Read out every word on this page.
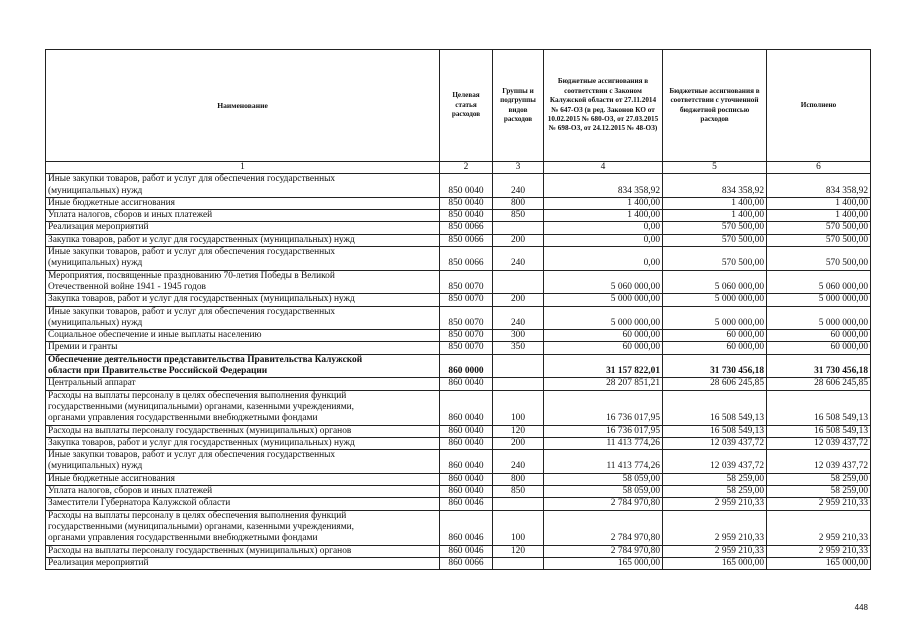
Наименование	Целевая статья расходов	Группы и подгруппы видов расходов	Бюджетные ассигнования в соответствии с Законом Калужской области от 27.11.2014 № 647-ОЗ (в ред. Законов КО от 10.02.2015 № 680-ОЗ, от 27.03.2015 № 698-ОЗ, от 24.12.2015 № 48-ОЗ)	Бюджетные ассигнования в соответствии с уточненной бюджетной росписью расходов	Исполнено
1	2	3	4	5	6

Иные закупки товаров, работ и услуг для обеспечения государственных
(муниципальных) нужд	850 0040	240	834 358,92	834 358,92	834 358,92

Иные бюджетные ассигнования	850 0040	800	1 400,00	1 400,00	1 400,00

Уплата налогов, сборов и иных платежей	850 0040	850	1 400,00	1 400,00	1 400,00

Реализация мероприятий	850 0066		0,00	570 500,00	570 500,00

Закупка товаров, работ и услуг для государственных (муниципальных) нужд	850 0066	200	0,00	570 500,00	570 500,00

Иные закупки товаров, работ и услуг для обеспечения государственных
(муниципальных) нужд	850 0066	240	0,00	570 500,00	570 500,00

Мероприятия, посвященные празднованию 70-летия Победы в Великой
Отечественной войне 1941 - 1945 годов	850 0070		5 060 000,00	5 060 000,00	5 060 000,00

Закупка товаров, работ и услуг для государственных (муниципальных) нужд	850 0070	200	5 000 000,00	5 000 000,00	5 000 000,00

Иные закупки товаров, работ и услуг для обеспечения государственных
(муниципальных) нужд	850 0070	240	5 000 000,00	5 000 000,00	5 000 000,00

Социальное обеспечение и иные выплаты населению	850 0070	300	60 000,00	60 000,00	60 000,00

Премии и гранты	850 0070	350	60 000,00	60 000,00	60 000,00

Обеспечение деятельности представительства Правительства Калужской
области при Правительстве Российской Федерации	860 0000		31 157 822,01	31 730 456,18	31 730 456,18

Центральный аппарат	860 0040		28 207 851,21	28 606 245,85	28 606 245,85

Расходы на выплаты персоналу в целях обеспечения выполнения функций
государственными (муниципальными) органами, казенными учреждениями,
органами управления государственными внебюджетными фондами	860 0040	100	16 736 017,95	16 508 549,13	16 508 549,13

Расходы на выплаты персоналу государственных (муниципальных) органов	860 0040	120	16 736 017,95	16 508 549,13	16 508 549,13

Закупка товаров, работ и услуг для государственных (муниципальных) нужд	860 0040	200	11 413 774,26	12 039 437,72	12 039 437,72

Иные закупки товаров, работ и услуг для обеспечения государственных
(муниципальных) нужд	860 0040	240	11 413 774,26	12 039 437,72	12 039 437,72

Иные бюджетные ассигнования	860 0040	800	58 059,00	58 259,00	58 259,00

Уплата налогов, сборов и иных платежей	860 0040	850	58 059,00	58 259,00	58 259,00

Заместители Губернатора Калужской области	860 0046		2 784 970,80	2 959 210,33	2 959 210,33

Расходы на выплаты персоналу в целях обеспечения выполнения функций
государственными (муниципальными) органами, казенными учреждениями,
органами управления государственными внебюджетными фондами	860 0046	100	2 784 970,80	2 959 210,33	2 959 210,33

Расходы на выплаты персоналу государственных (муниципальных) органов	860 0046	120	2 784 970,80	2 959 210,33	2 959 210,33

Реализация мероприятий	860 0066		165 000,00	165 000,00	165 000,00
448
